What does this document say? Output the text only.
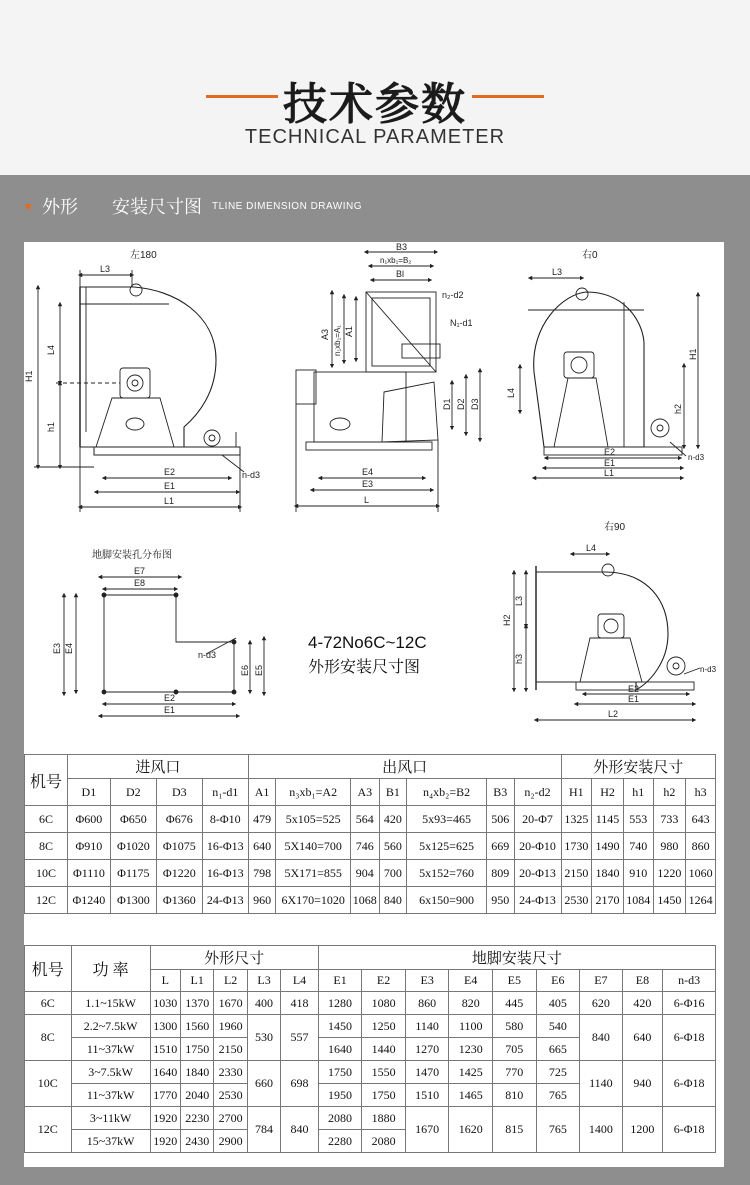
技术参数
TECHNICAL PARAMETER
▼ 外形 安装尺寸图 TLINE DIMENSION DRAWING
左180
L3
H1
L4
h1
E2
E1
L1
n-d3
B3
n₁xb₁=B₂
Bl
n₂-d2
N₁-d1
A3 n₁xb₁=A₁ A1
D1 D2 D3
E4
E3
L
右0
L3
H1
L4
h2
E2
E1
L1
n-d3
地脚安装孔分布图
E7
E8
E3 E4
E6 E5
n-d3
E2
E1
4-72No6C~12C
外形安装尺寸图
右90
L4
H2
L3
h3
E2
E1
L2
n-d3
机号	进风口				出风口							外形安装尺寸				
	D1	D2	D3	n₁-d1	A1	n₃xb₁=A2	A3	B1	n₄xb₂=B2	B3	n₂-d2	H1	H2	h1	h2	h3
6C	Φ600	Φ650	Φ676	8-Φ10	479	5x105=525	564	420	5x93=465	506	20-Φ7	1325	1145	553	733	643
8C	Φ910	Φ1020	Φ1075	16-Φ13	640	5X140=700	746	560	5x125=625	669	20-Φ10	1730	1490	740	980	860
10C	Φ1110	Φ1175	Φ1220	16-Φ13	798	5X171=855	904	700	5x152=760	809	20-Φ13	2150	1840	910	1220	1060
12C	Φ1240	Φ1300	Φ1360	24-Φ13	960	6X170=1020	1068	840	6x150=900	950	24-Φ13	2530	2170	1084	1450	1264
机号	功 率	外形尺寸					地脚安装尺寸								
		L	L1	L2	L3	L4	E1	E2	E3	E4	E5	E6	E7	E8	n-d3
6C	1.1~15kW	1030	1370	1670	400	418	1280	1080	860	820	445	405	620	420	6-Φ16
8C	2.2~7.5kW	1300	1560	1960	530	557	1450	1250	1140	1100	580	540	840	640	6-Φ18
	11~37kW	1510	1750	2150			1640	1440	1270	1230	705	665			
10C	3~7.5kW	1640	1840	2330	660	698	1750	1550	1470	1425	770	725	1140	940	6-Φ18
	11~37kW	1770	2040	2530			1950	1750	1510	1465	810	765			
12C	3~11kW	1920	2230	2700	784	840	2080	1880	1670	1620	815	765	1400	1200	6-Φ18
	15~37kW	1920	2430	2900			2280	2080							
